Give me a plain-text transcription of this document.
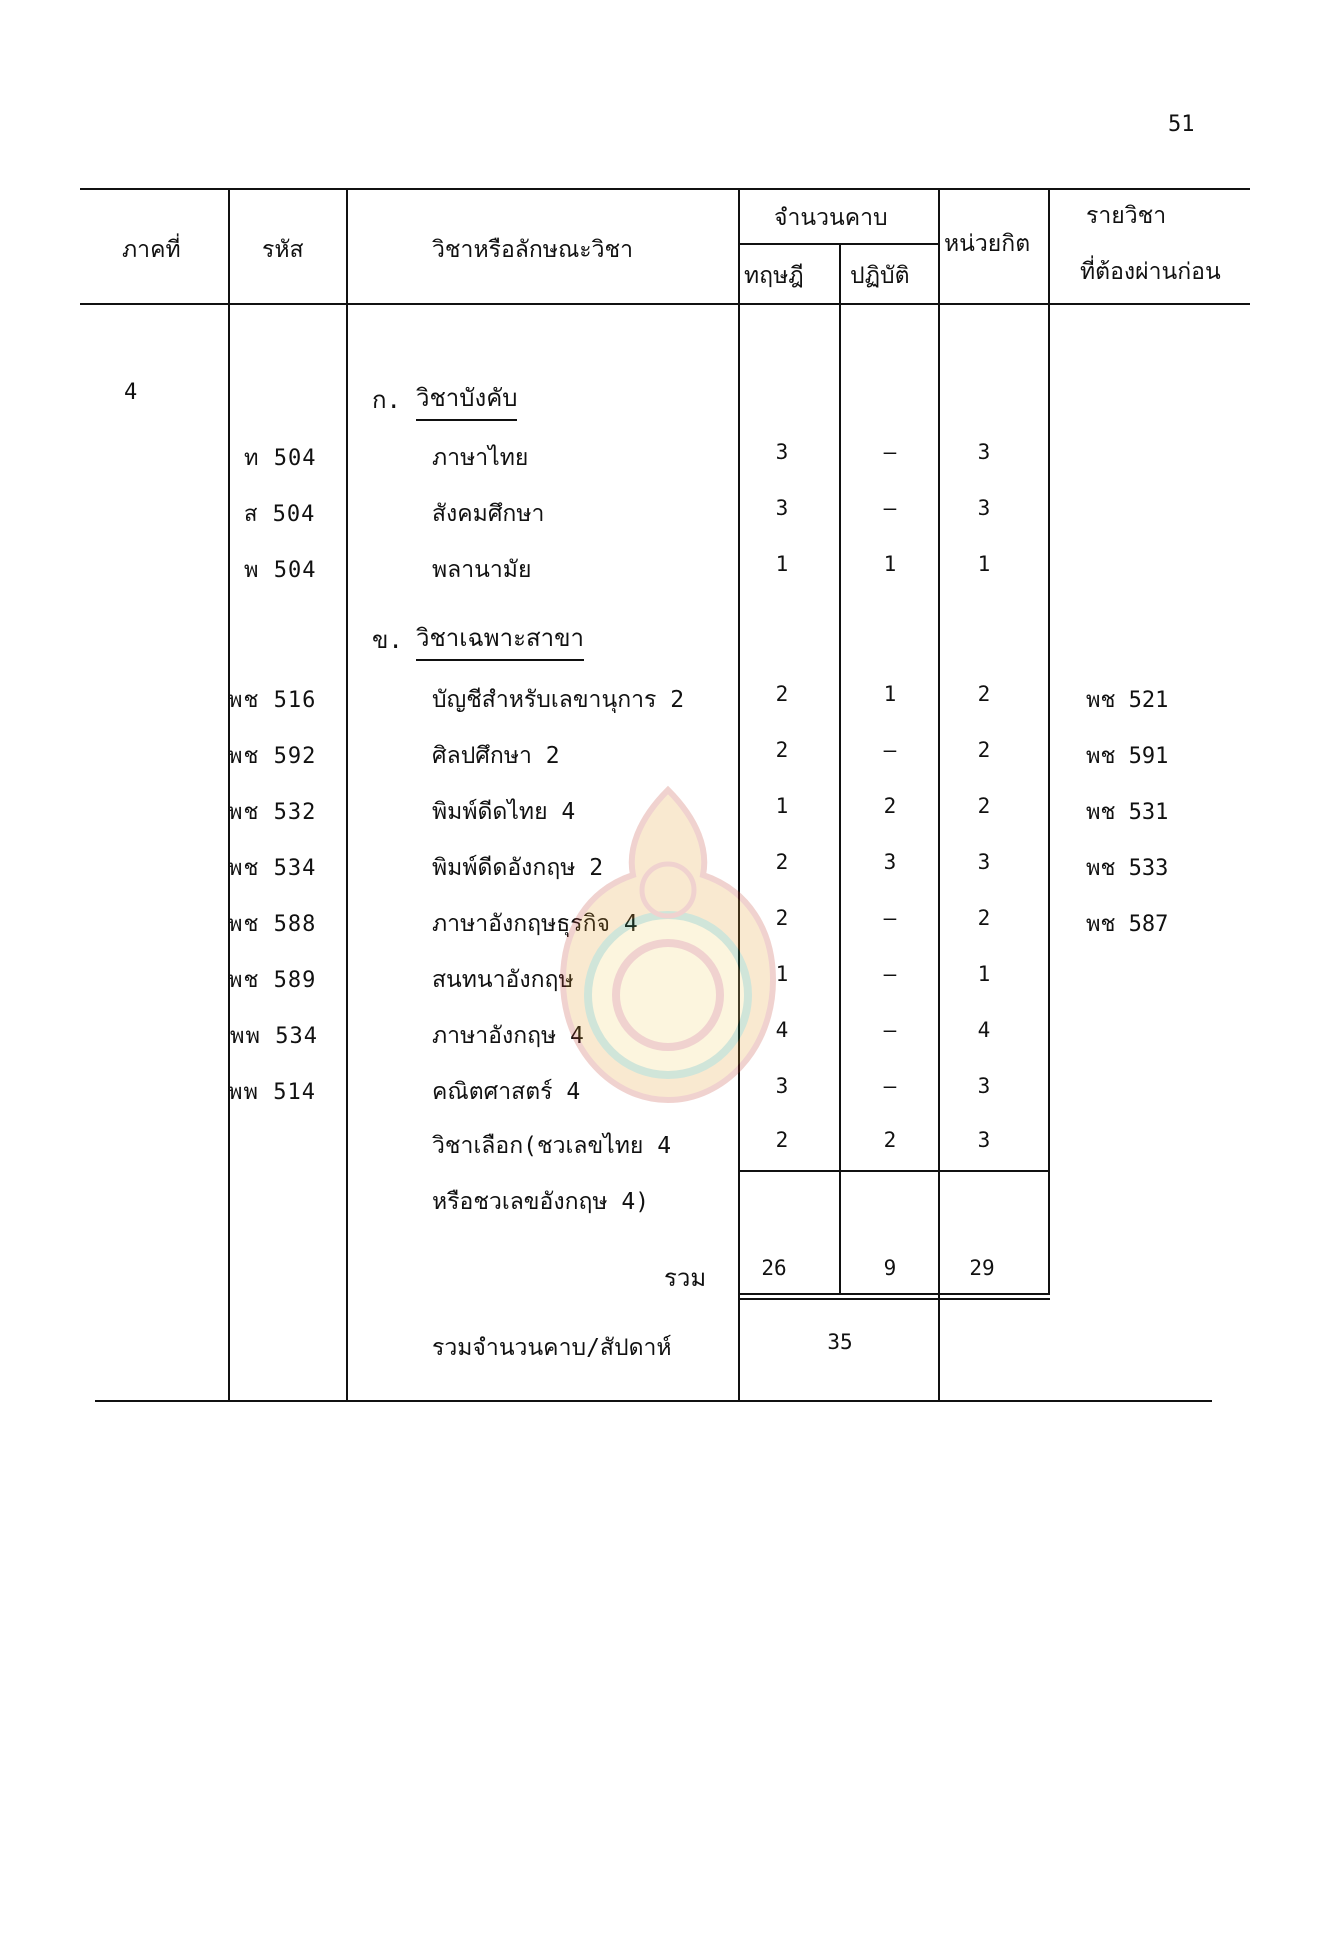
51
ภาคที่	รหัส	วิชาหรือลักษณะวิชา
จำนวนคาบ
ทฤษฎี ปฏิบัติ
หน่วยกิต
รายวิชา
ที่ต้องผ่านก่อน
4	ก. วิชาบังคับ
ข. วิชาเฉพาะสาขา
ท 504	ภาษาไทย	3	–	3
ส 504	สังคมศึกษา	3	–	3
พ 504	พลานามัย	1	1	1
พช 516	บัญชีสำหรับเลขานุการ 2	2	1	2	พช 521
พช 592	ศิลปศึกษา 2	2	–	2	พช 591
พช 532	พิมพ์ดีดไทย 4	1	2	2	พช 531
พช 534	พิมพ์ดีดอังกฤษ 2	2	3	3	พช 533
พช 588	ภาษาอังกฤษธุรกิจ 4	2	–	2	พช 587
พช 589	สนทนาอังกฤษ	1	–	1
พพ 534	ภาษาอังกฤษ 4	4	–	4
พพ 514	คณิตศาสตร์ 4	3	–	3
วิชาเลือก(ชวเลขไทย 4	2	2	3
หรือชวเลขอังกฤษ 4)
รวม	26	9	29
รวมจำนวนคาบ/สัปดาห์	35
